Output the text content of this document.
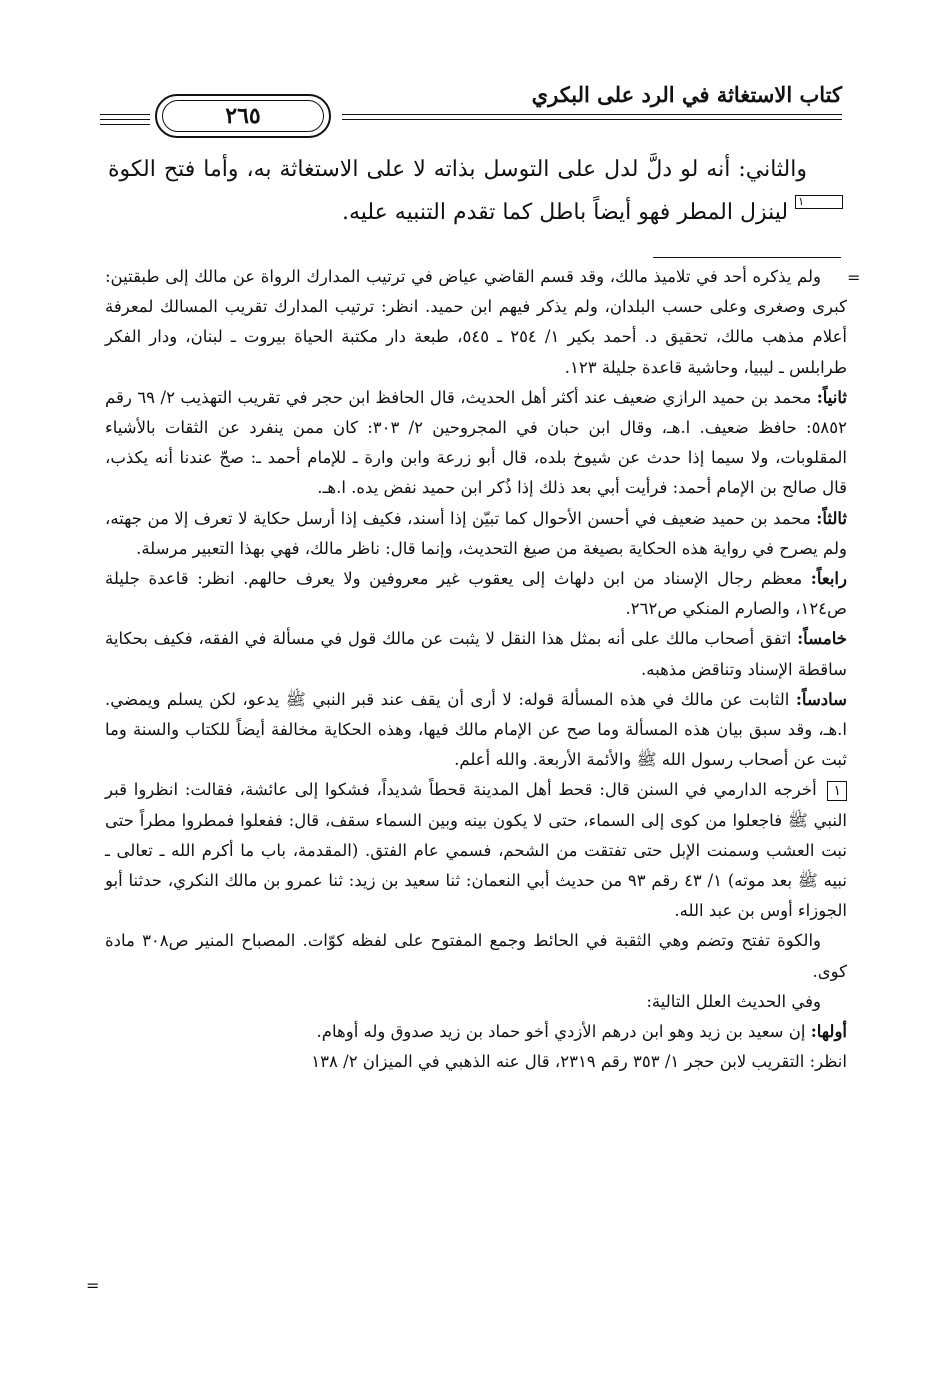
كتاب الاستغاثة في الرد على البكري
٢٦٥

والثاني: أنه لو دلَّ لدل على التوسل بذاته لا على الاستغاثة به، وأما فتح الكوة١ لينزل المطر فهو أيضاً باطل كما تقدم التنبيه عليه.

=

ولم يذكره أحد في تلاميذ مالك، وقد قسم القاضي عياض في ترتيب المدارك الرواة عن مالك إلى طبقتين: كبرى وصغرى وعلى حسب البلدان، ولم يذكر فيهم ابن حميد. انظر: ترتيب المدارك تقريب المسالك لمعرفة أعلام مذهب مالك، تحقيق د. أحمد بكير ١/ ٢٥٤ ـ ٥٤٥، طبعة دار مكتبة الحياة بيروت ـ لبنان، ودار الفكر طرابلس ـ ليبيا، وحاشية قاعدة جليلة ١٢٣.

ثانياً: محمد بن حميد الرازي ضعيف عند أكثر أهل الحديث، قال الحافظ ابن حجر في تقريب التهذيب ٢/ ٦٩ رقم ٥٨٥٢: حافظ ضعيف. ا.هـ، وقال ابن حبان في المجروحين ٢/ ٣٠٣: كان ممن ينفرد عن الثقات بالأشياء المقلوبات، ولا سيما إذا حدث عن شيوخ بلده، قال أبو زرعة وابن وارة ـ للإمام أحمد ـ: صحّ عندنا أنه يكذب، قال صالح بن الإمام أحمد: فرأيت أبي بعد ذلك إذا ذُكر ابن حميد نفض يده. ا.هـ.

ثالثاً: محمد بن حميد ضعيف في أحسن الأحوال كما تبيّن إذا أسند، فكيف إذا أرسل حكاية لا تعرف إلا من جهته، ولم يصرح في رواية هذه الحكاية بصيغة من صيغ التحديث، وإنما قال: ناظر مالك، فهي بهذا التعبير مرسلة.

رابعاً: معظم رجال الإسناد من ابن دلهاث إلى يعقوب غير معروفين ولا يعرف حالهم. انظر: قاعدة جليلة ص١٢٤، والصارم المنكي ص٢٦٢.

خامساً: اتفق أصحاب مالك على أنه بمثل هذا النقل لا يثبت عن مالك قول في مسألة في الفقه، فكيف بحكاية ساقطة الإسناد وتناقض مذهبه.

سادساً: الثابت عن مالك في هذه المسألة قوله: لا أرى أن يقف عند قبر النبي ﷺ يدعو، لكن يسلم ويمضي. ا.هـ، وقد سبق بيان هذه المسألة وما صح عن الإمام مالك فيها، وهذه الحكاية مخالفة أيضاً للكتاب والسنة وما ثبت عن أصحاب رسول الله ﷺ والأئمة الأربعة. والله أعلم.

١ أخرجه الدارمي في السنن قال: قحط أهل المدينة قحطاً شديداً، فشكوا إلى عائشة، فقالت: انظروا قبر النبي ﷺ فاجعلوا من كوى إلى السماء، حتى لا يكون بينه وبين السماء سقف، قال: ففعلوا فمطروا مطراً حتى نبت العشب وسمنت الإبل حتى تفتقت من الشحم، فسمي عام الفتق. (المقدمة، باب ما أكرم الله ـ تعالى ـ نبيه ﷺ بعد موته) ١/ ٤٣ رقم ٩٣ من حديث أبي النعمان: ثنا سعيد بن زيد: ثنا عمرو بن مالك النكري، حدثنا أبو الجوزاء أوس بن عبد الله.

والكوة تفتح وتضم وهي الثقبة في الحائط وجمع المفتوح على لفظه كوّات. المصباح المنير ص٣٠٨ مادة كوى.

وفي الحديث العلل التالية:

أولها: إن سعيد بن زيد وهو ابن درهم الأزدي أخو حماد بن زيد صدوق وله أوهام.

انظر: التقريب لابن حجر ١/ ٣٥٣ رقم ٢٣١٩، قال عنه الذهبي في الميزان ٢/ ١٣٨

=
